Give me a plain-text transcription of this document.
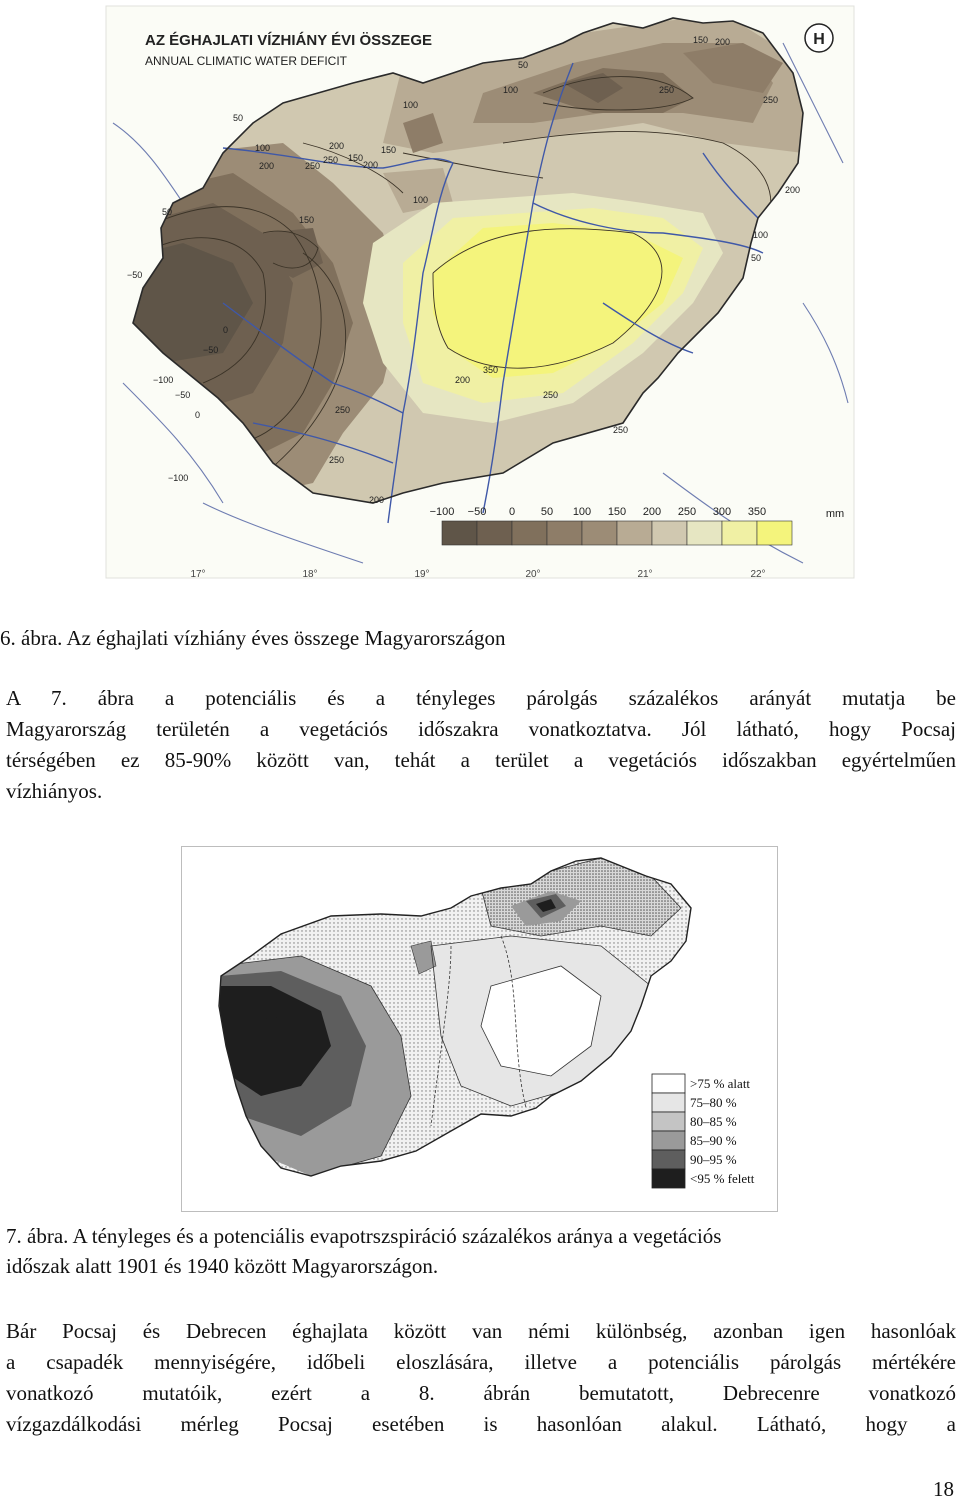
AZ ÉGHAJLATI VÍZHIÁNY ÉVI ÖSSZEGE
ANNUAL CLIMATIC WATER DEFICIT
H
50
100
200	250
150
250
200
150
200
100
150
100
100
50
250
150 200
250
200
100
50
50
−50
−100
−50
0
−100
−50
0
250
200
350
250
250
200
250
−100 −50 0 50 100 150 200 250 300 350	mm
17°	18°	19°	20°	21°	22°
6. ábra. Az éghajlati vízhiány éves összege Magyarországon
A 7. ábra a potenciális és a tényleges párolgás százalékos arányát mutatja be
Magyarország területén a vegetációs időszakra vonatkoztatva. Jól látható, hogy Pocsaj
térségében ez 85-90% között van, tehát a terület a vegetációs időszakban egyértelműen
vízhiányos.
>75 % alatt
75–80 %
80–85 %
85–90 %
90–95 %
<95 % felett
7. ábra. A tényleges és a potenciális evapotrszspiráció százalékos aránya a vegetációs
időszak alatt 1901 és 1940 között Magyarországon.
Bár Pocsaj és Debrecen éghajlata között van némi különbség, azonban igen hasonlóak
a csapadék mennyiségére, időbeli eloszlására, illetve a potenciális párolgás mértékére
vonatkozó mutatóik, ezért a 8. ábrán bemutatott, Debrecenre vonatkozó
vízgazdálkodási mérleg Pocsaj esetében is hasonlóan alakul. Látható, hogy a
18
